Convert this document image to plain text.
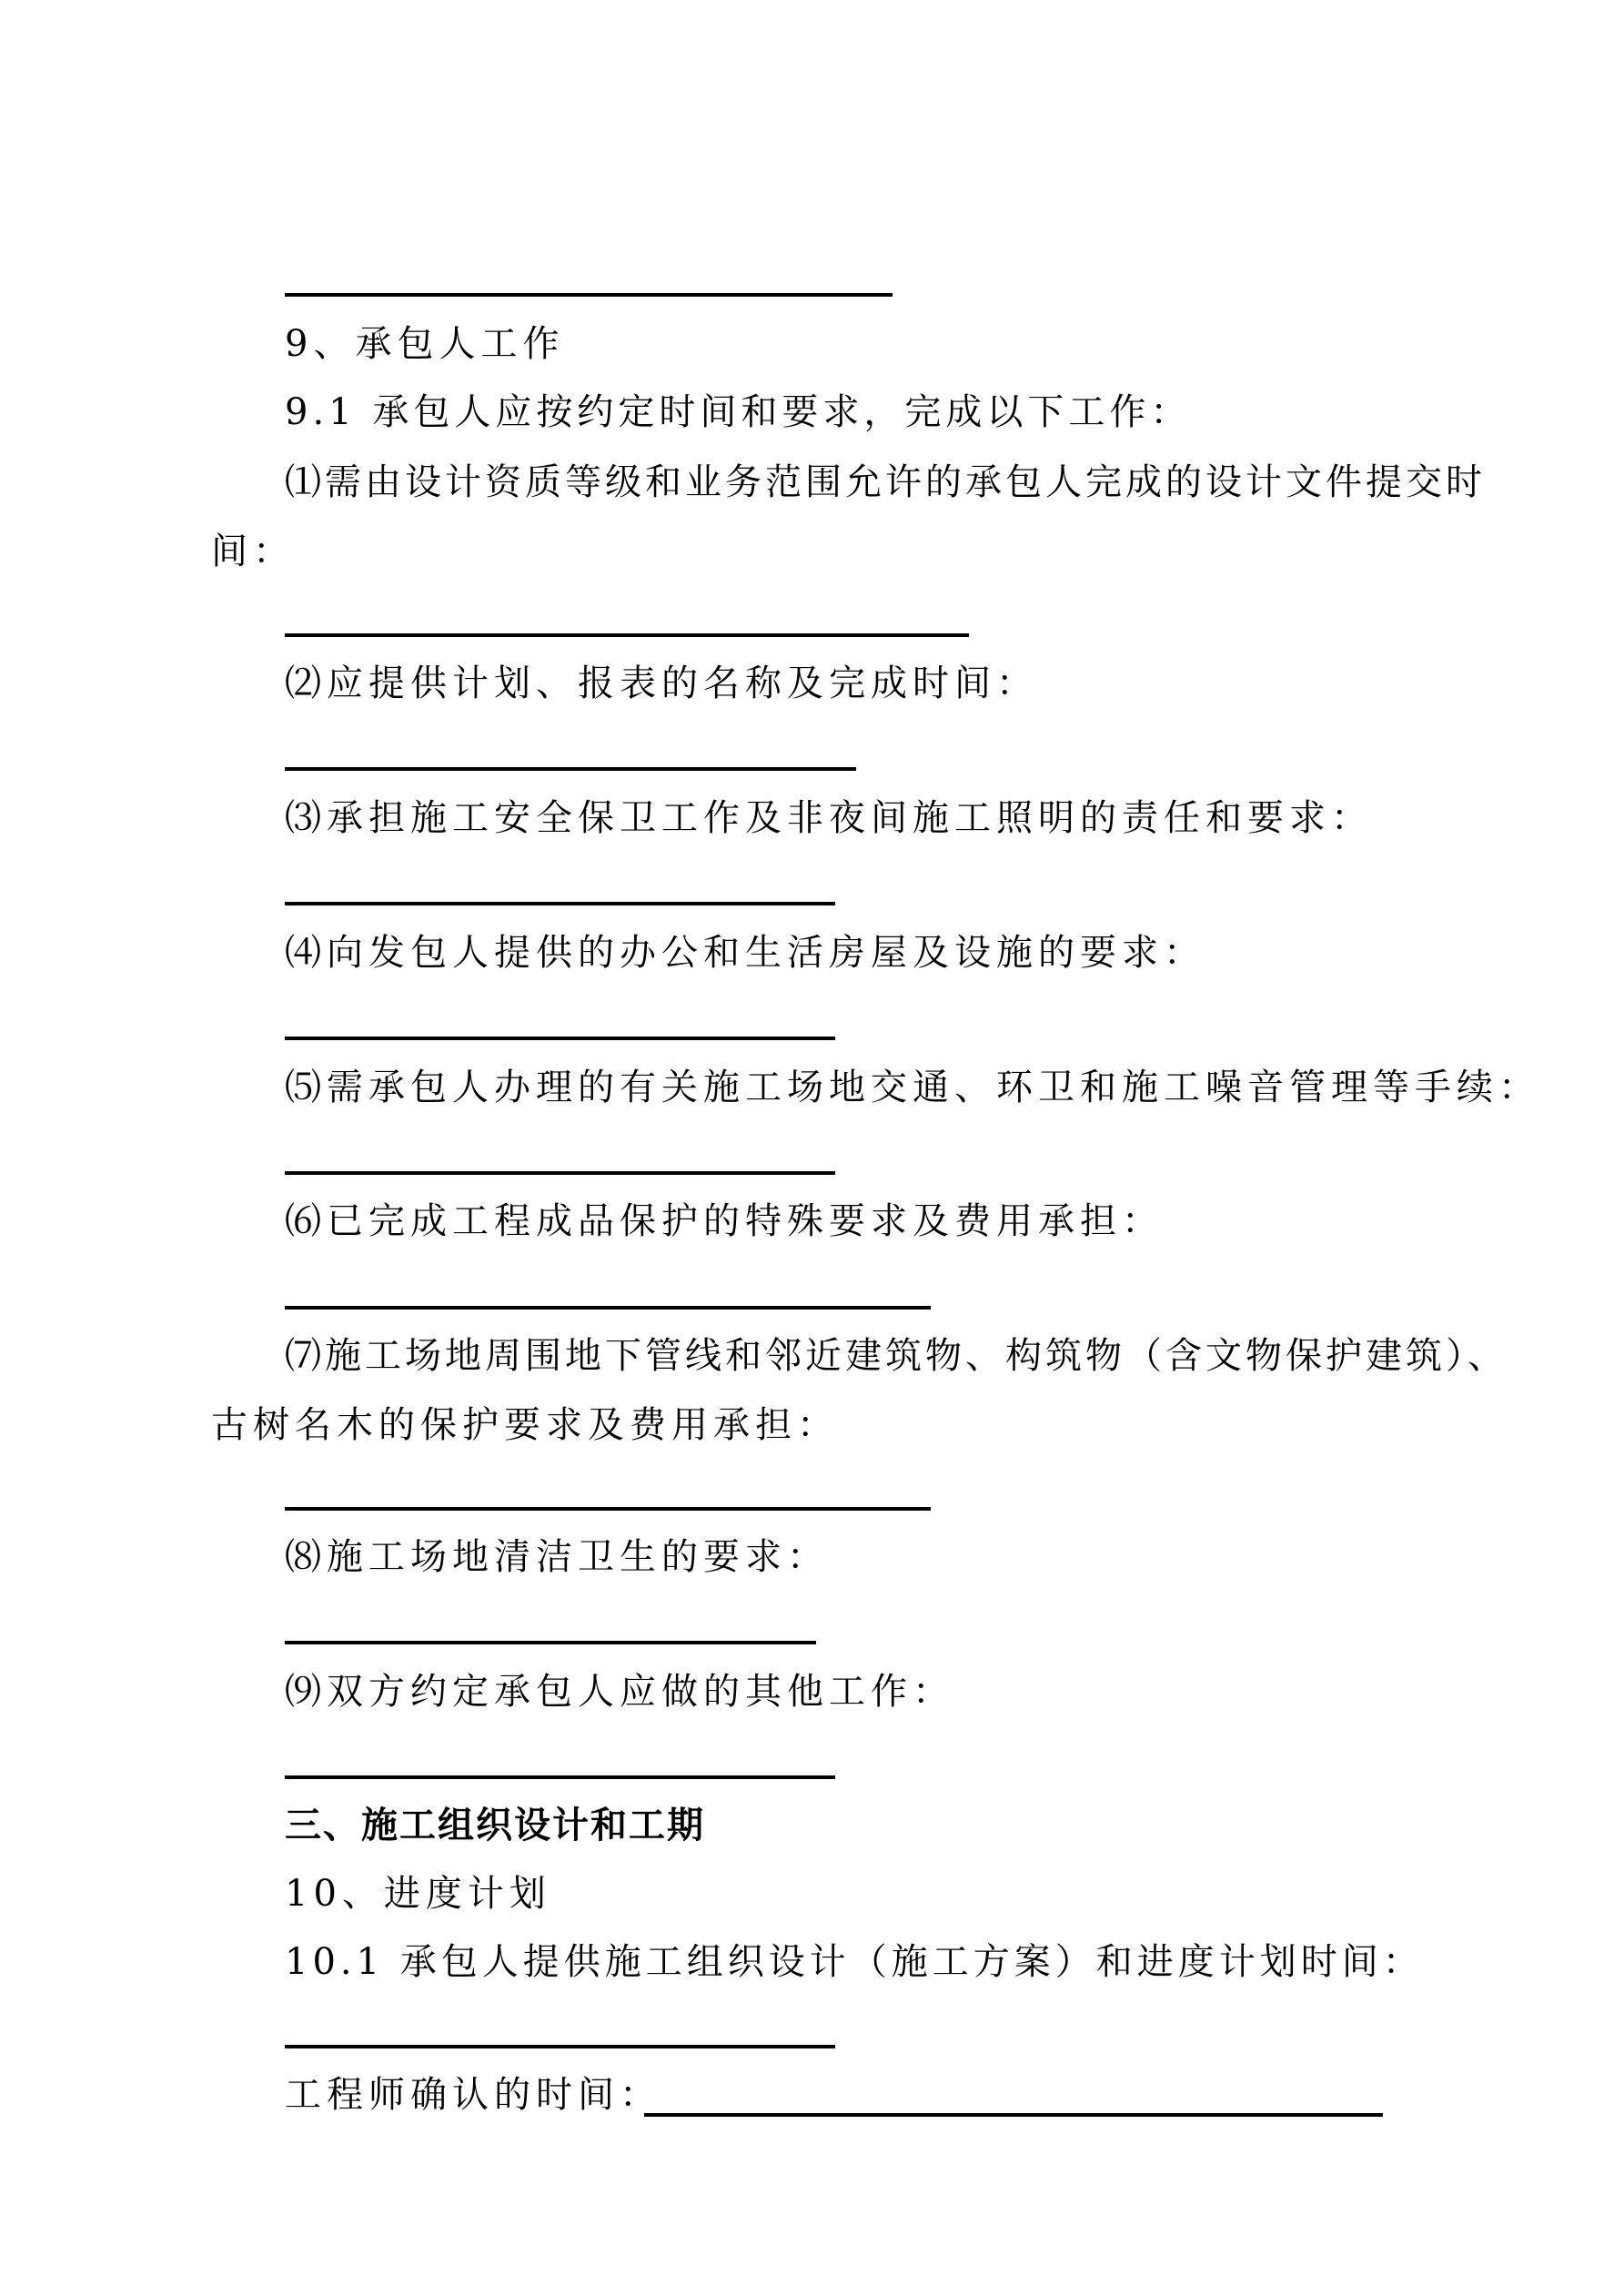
9、承包人工作
9.1 承包人应按约定时间和要求，完成以下工作：
⑴需由设计资质等级和业务范围允许的承包人完成的设计文件提交时
间：
⑵应提供计划、报表的名称及完成时间：
⑶承担施工安全保卫工作及非夜间施工照明的责任和要求：
⑷向发包人提供的办公和生活房屋及设施的要求：
⑸需承包人办理的有关施工场地交通、环卫和施工噪音管理等手续：
⑹已完成工程成品保护的特殊要求及费用承担：
⑺施工场地周围地下管线和邻近建筑物、构筑物（含文物保护建筑）、
古树名木的保护要求及费用承担：
⑻施工场地清洁卫生的要求：
⑼双方约定承包人应做的其他工作：
三、施工组织设计和工期
10、进度计划
10.1 承包人提供施工组织设计（施工方案）和进度计划时间：
工程师确认的时间：
